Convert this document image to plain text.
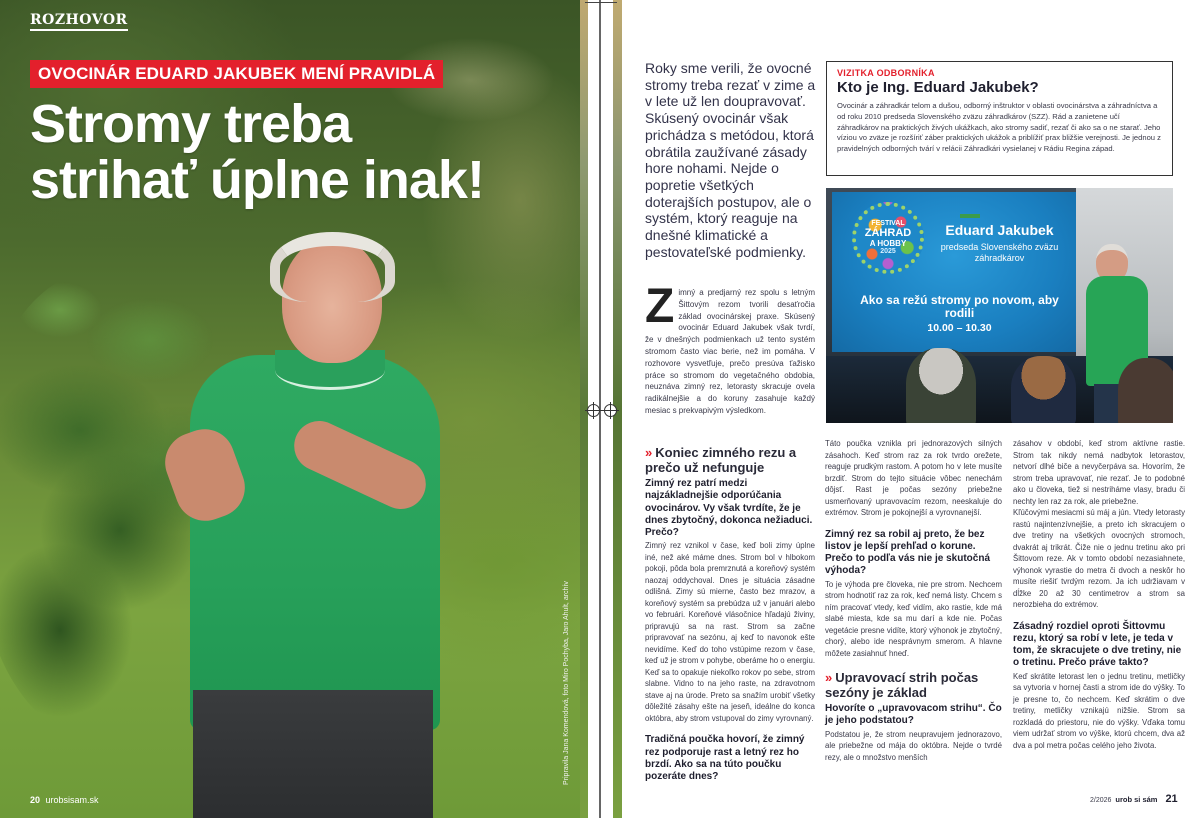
ROZHOVOR
OVOCINÁR EDUARD JAKUBEK MENÍ PRAVIDLÁ
Stromy treba
strihať úplne inak!
Pripravila Jana Komendová, foto Miro Pochyba, Jaro Ahult, archív
20 urobsisam.sk

Roky sme verili, že ovocné stromy treba rezať v zime a v lete už len doupravovať. Skúsený ovocinár však prichádza s metódou, ktorá obrátila zaužívané zásady hore nohami. Nejde o popretie všetkých doterajších postupov, ale o systém, ktorý reaguje na dnešné klimatické a pestovateľské podmienky.

Zimný a predjarný rez spolu s letným Šittovým rezom tvorili desaťročia základ ovocinárskej praxe. Skúsený ovocinár Eduard Jakubek však tvrdí, že v dnešných podmienkach už tento systém stromom často viac berie, než im pomáha. V rozhovore vysvetľuje, prečo presúva ťažisko práce so stromom do vegetačného obdobia, neuznáva zimný rez, letorasty skracuje ovela radikálnejšie a do koruny zasahuje každý mesiac s prekvapivým výsledkom.
VIZITKA ODBORNÍKA
Kto je Ing. Eduard Jakubek?
Ovocinár a záhradkár telom a dušou, odborný inštruktor v oblasti ovocinárstva a záhradníctva a od roku 2010 predseda Slovenského zväzu záhradkárov (SZZ). Rád a zanietene učí záhradkárov na praktických živých ukážkach, ako stromy sadiť, rezať či ako sa o ne starať. Jeho víziou vo zväze je rozšíriť záber praktických ukážok a priblížiť prax bližšie verejnosti. Je jednou z pravidelných odborných tvárí v relácii Záhradkári vysielanej v Rádiu Regina západ.
FESTIVAL
ZÁHRAD
A HOBBY
2025
Eduard Jakubek
predseda Slovenského zväzu záhradkárov
Ako sa režú stromy po novom, aby rodili
10.00 – 10.30
» Koniec zimného rezu a prečo už nefunguje

Zimný rez patrí medzi najzákladnejšie odporúčania ovocinárov. Vy však tvrdíte, že je dnes zbytočný, dokonca nežiaduci. Prečo?

Zimný rez vznikol v čase, keď boli zimy úplne iné, než aké máme dnes. Strom bol v hlbokom pokoji, pôda bola premrznutá a koreňový systém naozaj oddychoval. Dnes je situácia zásadne odlišná. Zimy sú mierne, často bez mrazov, a koreňový systém sa prebúdza už v januári alebo vo februári. Koreňové vlásočnice hľadajú živiny, pripravujú sa na rast. Strom sa začne pripravovať na sezónu, aj keď to navonok ešte nevidíme. Keď do toho vstúpime rezom v čase, keď už je strom v pohybe, oberáme ho o energiu. Keď sa to opakuje niekoľko rokov po sebe, strom slabne. Vidno to na jeho raste, na zdravotnom stave aj na úrode. Preto sa snažím urobiť všetky dôležité zásahy ešte na jeseň, ideálne do konca októbra, aby strom vstupoval do zimy vyrovnaný.

Tradičná poučka hovorí, že zimný rez podporuje rast a letný rez ho brzdí. Ako sa na túto poučku pozeráte dnes?

Táto poučka vznikla pri jednorazových silných zásahoch. Keď strom raz za rok tvrdo orežete, reaguje prudkým rastom. A potom ho v lete musíte brzdiť. Strom do tejto situácie vôbec nenechám dôjsť. Rast je počas sezóny priebežne usmerňovaný upravovacím rezom, neeskaluje do extrémov. Strom je pokojnejší a vyrovnanejší.

Zimný rez sa robil aj preto, že bez listov je lepší prehľad o korune. Prečo to podľa vás nie je skutočná výhoda?

To je výhoda pre človeka, nie pre strom. Nechcem strom hodnotiť raz za rok, keď nemá listy. Chcem s ním pracovať vtedy, keď vidím, ako rastie, kde má slabé miesta, kde sa mu darí a kde nie. Počas vegetácie presne vidíte, ktorý výhonok je zbytočný, chorý, alebo ide nesprávnym smerom. A hlavne môžete zasiahnuť hneď.

» Upravovací strih počas sezóny je základ

Hovoríte o „upravovacom strihu“. Čo je jeho podstatou?

Podstatou je, že strom neupravujem jednorazovo, ale priebežne od mája do októbra. Nejde o tvrdé rezy, ale o množstvo menších

zásahov v období, keď strom aktívne rastie. Strom tak nikdy nemá nadbytok letorastov, netvorí dlhé biče a nevyčerpáva sa. Hovorím, že strom treba upravovať, nie rezať. Je to podobné ako u človeka, tiež si nestriháme vlasy, bradu či nechty len raz za rok, ale priebežne.

Kľúčovými mesiacmi sú máj a jún. Vtedy letorasty rastú najintenzívnejšie, a preto ich skracujem o dve tretiny na všetkých ovocných stromoch, dvakrát aj trikrát. Čiže nie o jednu tretinu ako pri Šittovom reze. Ak v tomto období nezasiahnete, výhonok vyrastie do metra či dvoch a neskôr ho musíte riešiť tvrdým rezom. Ja ich udržiavam v dĺžke 20 až 30 centimetrov a strom sa nerozbieha do extrémov.

Zásadný rozdiel oproti Šittovmu rezu, ktorý sa robí v lete, je teda v tom, že skracujete o dve tretiny, nie o tretinu. Prečo práve takto?

Keď skrátite letorast len o jednu tretinu, metličky sa vytvoria v hornej časti a strom ide do výšky. To je presne to, čo nechcem. Keď skrátim o dve tretiny, metličky vznikajú nižšie. Strom sa rozkladá do priestoru, nie do výšky. Vďaka tomu viem udržať strom vo výške, ktorú chcem, dva až dva a pol metra počas celého jeho života.

2/2026 urob si sám 21
